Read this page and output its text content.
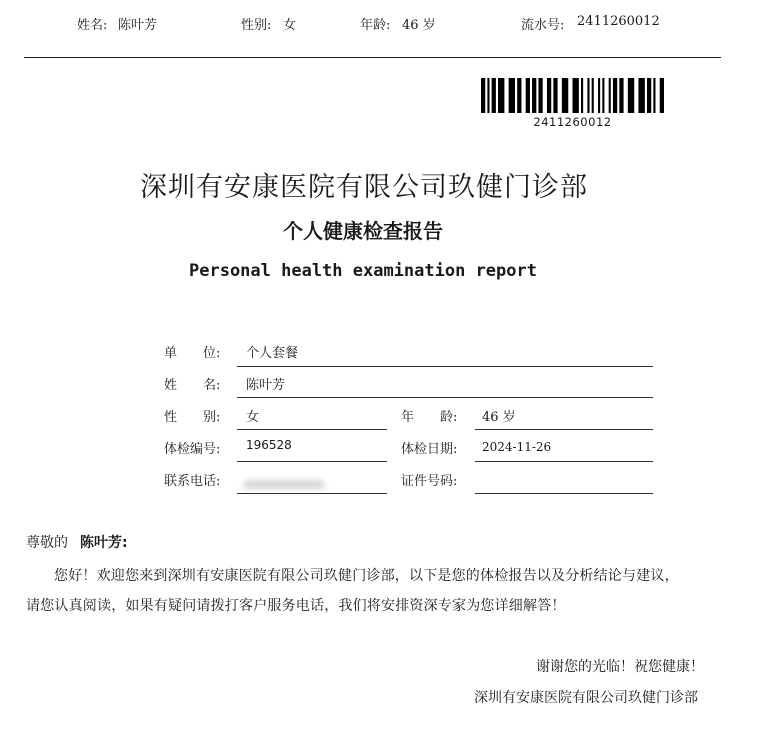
姓名: 陈叶芳	性别: 女	年龄: 46 岁	流水号: 2411260012
2411260012
深圳有安康医院有限公司玖健门诊部
个人健康检查报告
Personal health examination report
单　　位: 个人套餐
姓　　名: 陈叶芳
性　　别: 女	年　　龄: 46 岁
体检编号: 196528	体检日期: 2024-11-26
联系电话:	证件号码:
尊敬的 陈叶芳:
您好！欢迎您来到深圳有安康医院有限公司玖健门诊部，以下是您的体检报告以及分析结论与建议，
请您认真阅读，如果有疑问请拨打客户服务电话，我们将安排资深专家为您详细解答！
谢谢您的光临！祝您健康！
深圳有安康医院有限公司玖健门诊部
